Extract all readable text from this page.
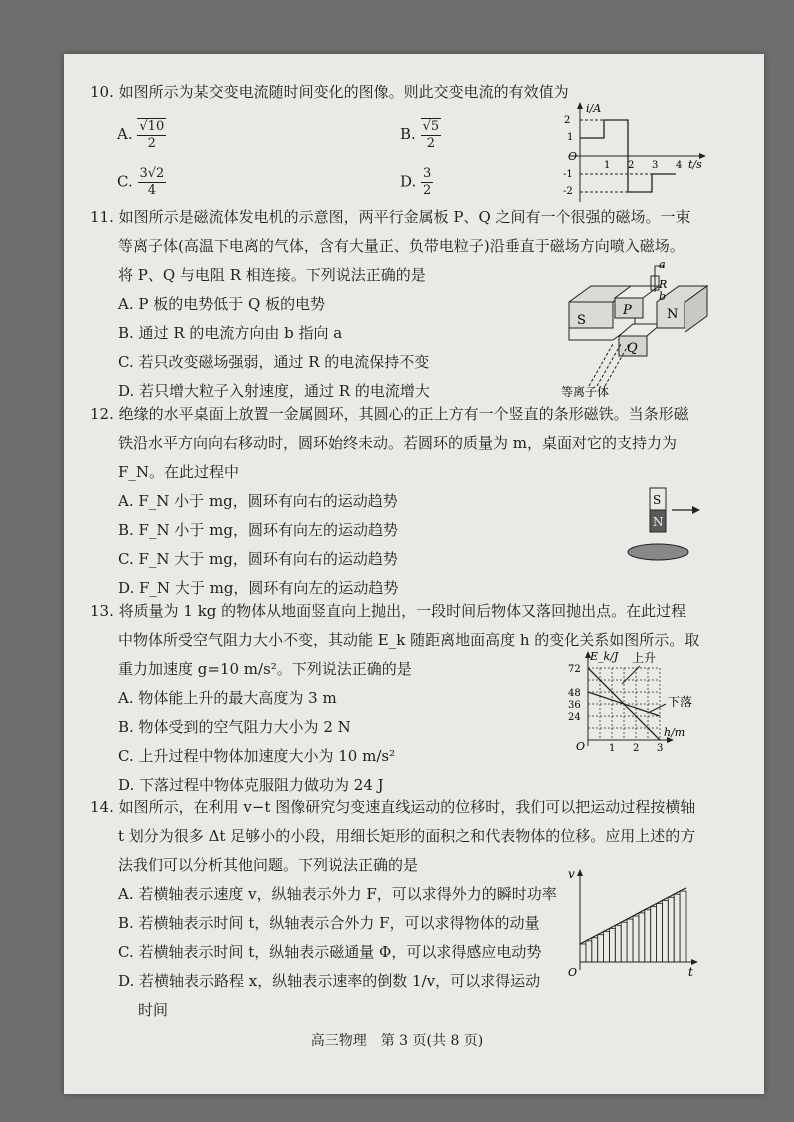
10. 如图所示为某交变电流随时间变化的图像。则此交变电流的有效值为
A. $\frac{√10}{2}$	B. $\frac{√5}{2}$
C. $\frac{3√2}{4}$	D. $\frac{3}{2}$
i/A
t/s
O
2
1
-1
-2
1 2 3 4
11. 如图所示是磁流体发电机的示意图，两平行金属板 P、Q 之间有一个很强的磁场。一束
等离子体(高温下电离的气体，含有大量正、负带电粒子)沿垂直于磁场方向喷入磁场。
将 P、Q 与电阻 R 相连接。下列说法正确的是
A. P 板的电势低于 Q 板的电势
B. 通过 R 的电流方向由 b 指向 a
C. 若只改变磁场强弱，通过 R 的电流保持不变
D. 若只增大粒子入射速度，通过 R 的电流增大
S
P
Q
N
R
a
b
等离子体
12. 绝缘的水平桌面上放置一金属圆环，其圆心的正上方有一个竖直的条形磁铁。当条形磁
铁沿水平方向向右移动时，圆环始终未动。若圆环的质量为 m，桌面对它的支持力为
F_N。在此过程中
A. F_N 小于 mg，圆环有向右的运动趋势
B. F_N 小于 mg，圆环有向左的运动趋势
C. F_N 大于 mg，圆环有向右的运动趋势
D. F_N 大于 mg，圆环有向左的运动趋势
S
N
13. 将质量为 1 kg 的物体从地面竖直向上抛出，一段时间后物体又落回抛出点。在此过程
中物体所受空气阻力大小不变，其动能 E_k 随距离地面高度 h 的变化关系如图所示。取
重力加速度 g=10 m/s²。下列说法正确的是
A. 物体能上升的最大高度为 3 m
B. 物体受到的空气阻力大小为 2 N
C. 上升过程中物体加速度大小为 10 m/s²
D. 下落过程中物体克服阻力做功为 24 J
E_k/J
h/m
O
72
48
36
24
1 2 3
上升
下落
14. 如图所示，在利用 v−t 图像研究匀变速直线运动的位移时，我们可以把运动过程按横轴
t 划分为很多 Δt 足够小的小段，用细长矩形的面积之和代表物体的位移。应用上述的方
法我们可以分析其他问题。下列说法正确的是
A. 若横轴表示速度 v，纵轴表示外力 F，可以求得外力的瞬时功率
B. 若横轴表示时间 t，纵轴表示合外力 F，可以求得物体的动量
C. 若横轴表示时间 t，纵轴表示磁通量 Φ，可以求得感应电动势
D. 若横轴表示路程 x，纵轴表示速率的倒数 1/v，可以求得运动
时间
v
t
O
高三物理　第 3 页(共 8 页)
